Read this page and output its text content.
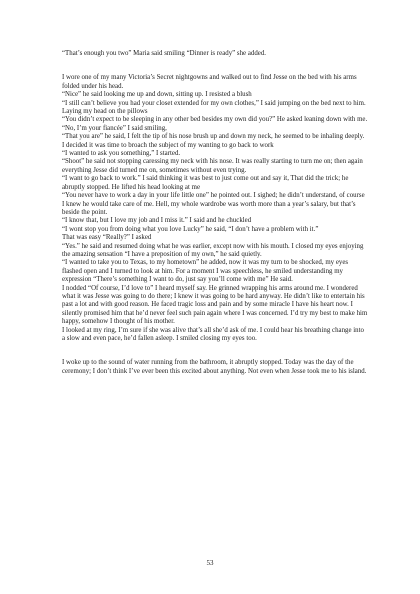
“That’s enough you two” Maria said smiling “Dinner is ready” she added.

I wore one of my many Victoria’s Secret nightgowns and walked out to find Jesse on the bed with his arms folded under his head.

“Nice” he said looking me up and down, sitting up. I resisted a blush

“I still can’t believe you had your closet extended for my own clothes,” I said jumping on the bed next to him. Laying my head on the pillows

“You didn’t expect to be sleeping in any other bed besides my own did you?” He asked leaning down with me.

“No, I’m your fiancée” I said smiling,

“That you are” he said, I felt the tip of his nose brush up and down my neck, he seemed to be inhaling deeply.

I decided it was time to broach the subject of my wanting to go back to work

“I wanted to ask you something,” I started.

“Shoot” he said not stopping caressing my neck with his nose. It was really starting to turn me on; then again everything Jesse did turned me on, sometimes without even trying.

“I want to go back to work.” I said thinking it was best to just come out and say it, That did the trick; he abruptly stopped. He lifted his head looking at me

“You never have to work a day in your life little one” he pointed out. I sighed; he didn’t understand, of course I knew he would take care of me. Hell, my whole wardrobe was worth more than a year’s salary, but that’s beside the point.

“I know that, but I love my job and I miss it.” I said and he chuckled

“I wont stop you from doing what you love Lucky” he said, “I don’t have a problem with it.”

That was easy “Really?” I asked

“Yes.” he said and resumed doing what he was earlier, except now with his mouth. I closed my eyes enjoying the amazing sensation “I have a preposition of my own,” he said quietly.

“I wanted to take you to Texas, to my hometown” he added, now it was my turn to be shocked, my eyes flashed open and I turned to look at him. For a moment I was speechless, he smiled understanding my expression “There’s something I want to do, just say you’ll come with me” He said.

I nodded “Of course, I’d love to” I heard myself say. He grinned wrapping his arms around me. I wondered what it was Jesse was going to do there; I knew it was going to be hard anyway. He didn’t like to entertain his past a lot and with good reason. He faced tragic loss and pain and by some miracle I have his heart now. I silently promised him that he’d never feel such pain again where I was concerned. I’d try my best to make him happy, somehow I thought of his mother.

I looked at my ring, I’m sure if she was alive that’s all she’d ask of me. I could hear his breathing change into a slow and even pace, he’d fallen asleep. I smiled closing my eyes too.

I woke up to the sound of water running from the bathroom, it abruptly stopped. Today was the day of the ceremony; I don’t think I’ve ever been this excited about anything. Not even when Jesse took me to his island.

53
